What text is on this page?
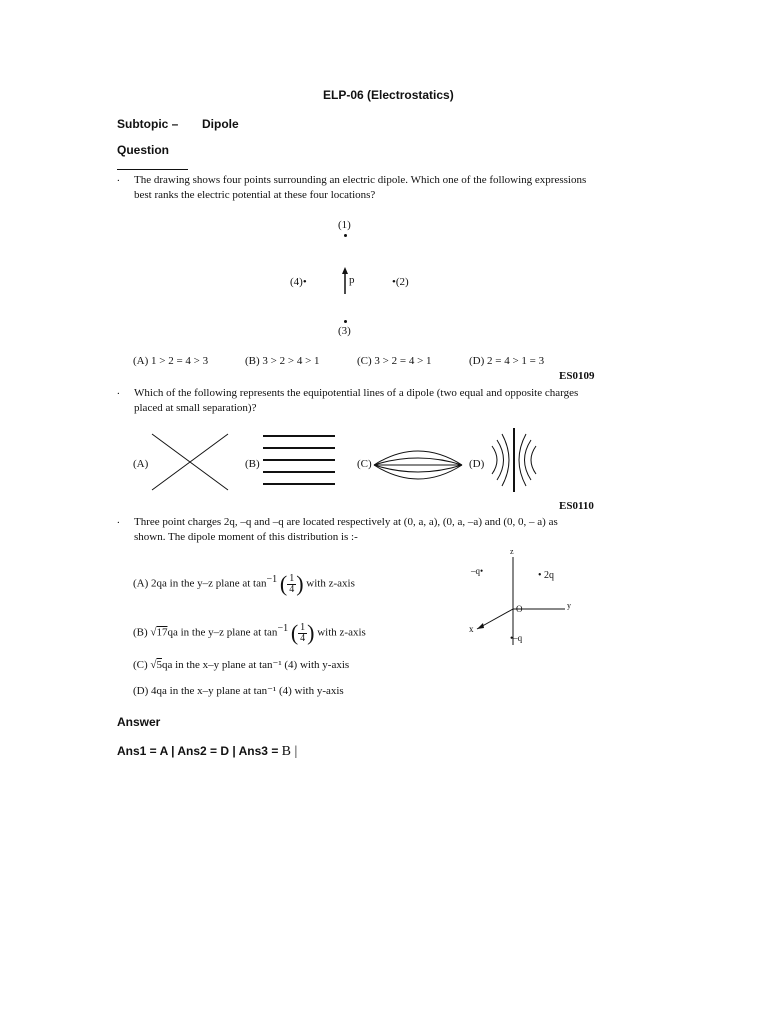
ELP-06 (Electrostatics)
Subtopic – Dipole
Question
. The drawing shows four points surrounding an electric dipole. Which one of the following expressions
best ranks the electric potential at these four locations?
(1)
(4)•	p	•(2)
(3)
(A) 1 > 2 = 4 > 3	(B) 3 > 2 > 4 > 1	(C) 3 > 2 = 4 > 1	(D) 2 = 4 > 1 = 3
ES0109
. Which of the following represents the equipotential lines of a dipole (two equal and opposite charges
placed at small separation)?
(A)	(B)	(C)	(D)
ES0110
. Three point charges 2q, –q and –q are located respectively at (0, a, a), (0, a, –a) and (0, 0, – a) as
shown. The dipole moment of this distribution is :-
(A) 2qa in the y–z plane at $\tan^{-1}$ ( $\frac{1}{4}$ ) with z-axis
(B) √17qa in the y–z plane at $\tan^{-1}$ ( $\frac{1}{4}$ ) with z-axis
(C) √5qa in the x–y plane at tan⁻¹ (4) with y-axis
(D) 4qa in the x–y plane at tan⁻¹ (4) with y-axis
z
y
x
O
–q•	• 2q
•–q
Answer
Ans1 = A | Ans2 = D | Ans3 = B |
